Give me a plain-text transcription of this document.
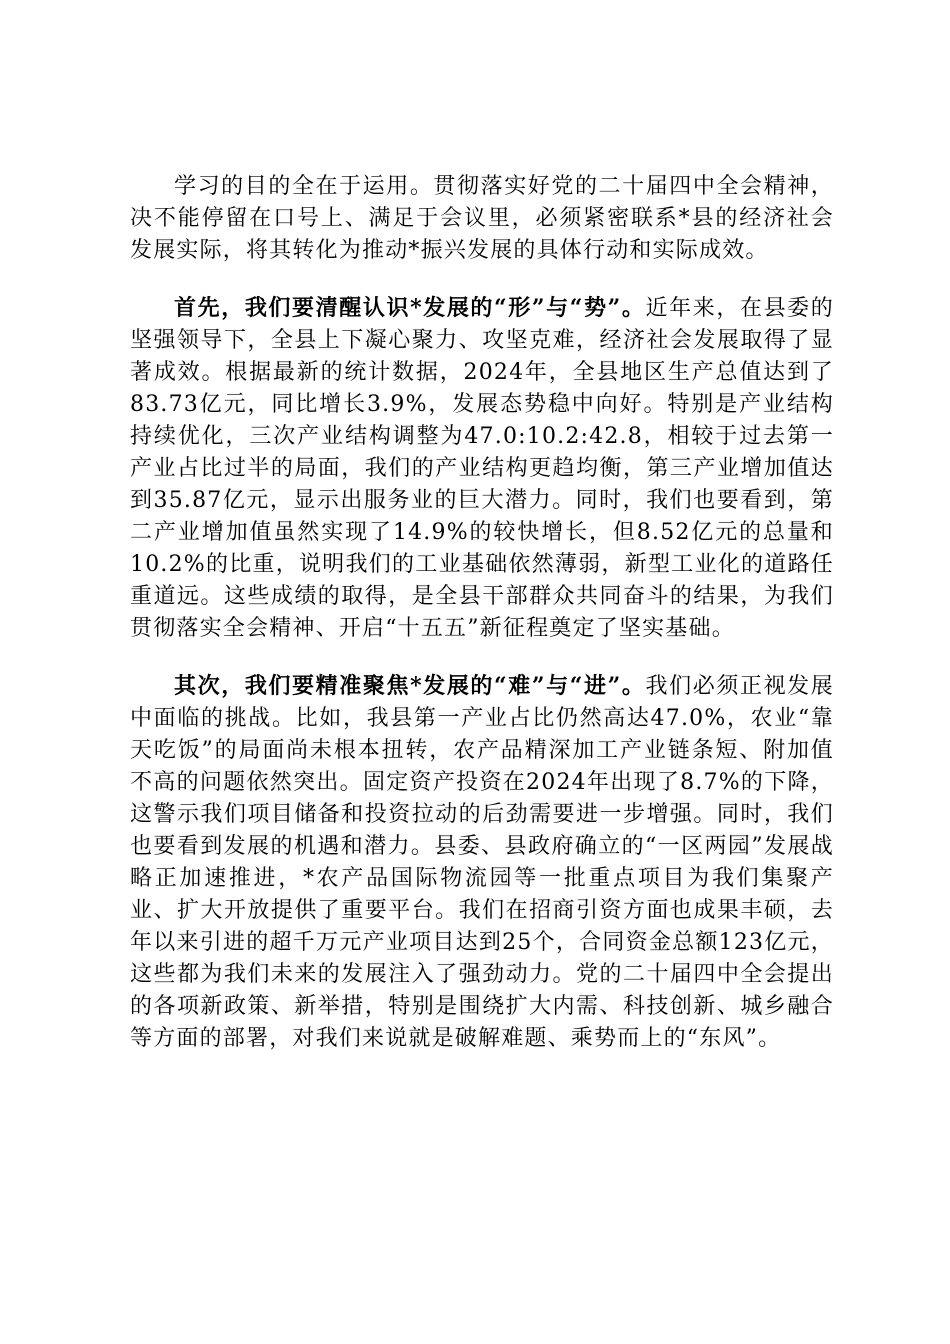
学习的目的全在于运用。贯彻落实好党的二十届四中全会精神，决不能停留在口号上、满足于会议里，必须紧密联系*县的经济社会发展实际，将其转化为推动*振兴发展的具体行动和实际成效。

首先，我们要清醒认识*发展的“形”与“势”。近年来，在县委的坚强领导下，全县上下凝心聚力、攻坚克难，经济社会发展取得了显著成效。根据最新的统计数据，2024年，全县地区生产总值达到了83.73亿元，同比增长3.9%，发展态势稳中向好。特别是产业结构持续优化，三次产业结构调整为47.0:10.2:42.8，相较于过去第一产业占比过半的局面，我们的产业结构更趋均衡，第三产业增加值达到35.87亿元，显示出服务业的巨大潜力。同时，我们也要看到，第二产业增加值虽然实现了14.9%的较快增长，但8.52亿元的总量和10.2%的比重，说明我们的工业基础依然薄弱，新型工业化的道路任重道远。这些成绩的取得，是全县干部群众共同奋斗的结果，为我们贯彻落实全会精神、开启“十五五”新征程奠定了坚实基础。

其次，我们要精准聚焦*发展的“难”与“进”。我们必须正视发展中面临的挑战。比如，我县第一产业占比仍然高达47.0%，农业“靠天吃饭”的局面尚未根本扭转，农产品精深加工产业链条短、附加值不高的问题依然突出。固定资产投资在2024年出现了8.7%的下降，这警示我们项目储备和投资拉动的后劲需要进一步增强。同时，我们也要看到发展的机遇和潜力。县委、县政府确立的“一区两园”发展战略正加速推进，*农产品国际物流园等一批重点项目为我们集聚产业、扩大开放提供了重要平台。我们在招商引资方面也成果丰硕，去年以来引进的超千万元产业项目达到25个，合同资金总额123亿元，这些都为我们未来的发展注入了强劲动力。党的二十届四中全会提出的各项新政策、新举措，特别是围绕扩大内需、科技创新、城乡融合等方面的部署，对我们来说就是破解难题、乘势而上的“东风”。
